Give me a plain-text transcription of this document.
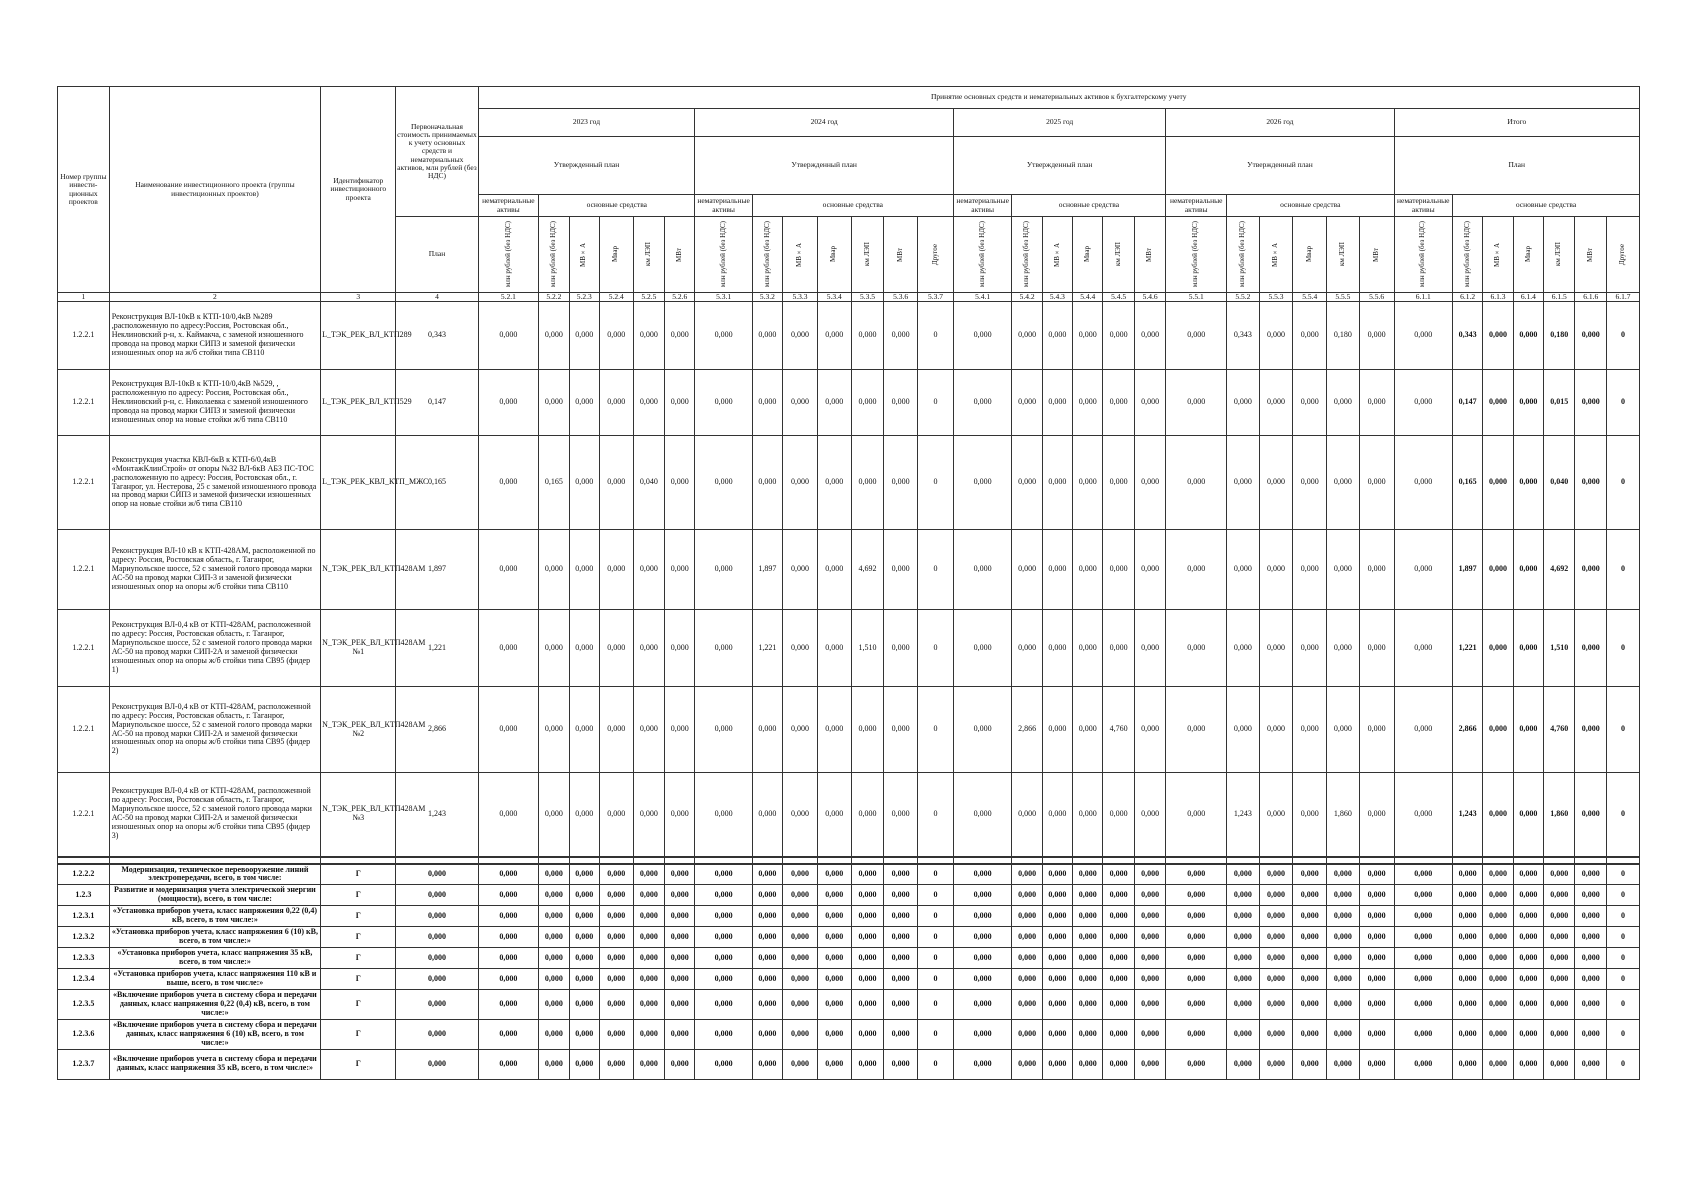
Номер группы инвести-ционных проектов	Наименование инвестиционного проекта (группы инвестиционных проектов)	Идентификатор инвестиционного проекта	Первоначальная стоимость принимаемых к учету основных средств и нематериальных активов, млн рублей (без НДС)	Принятие основных средств и нематериальных активов к бухгалтерскому учету																															
				2023 год						2024 год							2025 год						2026 год						Итого						
				Утвержденный план						Утвержденный план							Утвержденный план						Утвержденный план						План						
				нематериальные активы	основные средства					нематериальные активы	основные средства						нематериальные активы	основные средства					нематериальные активы	основные средства					нематериальные активы	основные средства					
			План	млн рублей (без НДС)	млн рублей (без НДС)	МВ×А	Мвар	км ЛЭП	МВт	млн рублей (без НДС)	млн рублей (без НДС)	МВ×А	Мвар	км ЛЭП	МВт	Другое	млн рублей (без НДС)	млн рублей (без НДС)	МВ×А	Мвар	км ЛЭП	МВт	млн рублей (без НДС)	млн рублей (без НДС)	МВ×А	Мвар	км ЛЭП	МВт	млн рублей (без НДС)	млн рублей (без НДС)	МВ×А	Мвар	км ЛЭП	МВт	Другое

1	2	3	4	5.2.1	5.2.2	5.2.3	5.2.4	5.2.5	5.2.6	5.3.1	5.3.2	5.3.3	5.3.4	5.3.5	5.3.6	5.3.7	5.4.1	5.4.2	5.4.3	5.4.4	5.4.5	5.4.6	5.5.1	5.5.2	5.5.3	5.5.4	5.5.5	5.5.6	6.1.1	6.1.2	6.1.3	6.1.4	6.1.5	6.1.6	6.1.7
1.2.2.1	Реконструкция ВЛ-10кВ к КТП-10/0,4кВ №289 ,расположенную по адресу:Россия, Ростовская обл., Неклиновский р-н, х. Каймакча, с заменой изношенного провода на провод марки СИП3 и заменой физически изношенных опор на ж/б стойки типа СВ110	L_ТЭК_РЕК_ВЛ_КТП289	0,343	0,000	0,000	0,000	0,000	0,000	0,000	0,000	0,000	0,000	0,000	0,000	0,000	0	0,000	0,000	0,000	0,000	0,000	0,000	0,000	0,343	0,000	0,000	0,180	0,000	0,000	0,343	0,000	0,000	0,180	0,000	0
1.2.2.1	Реконструкция ВЛ-10кВ к КТП-10/0,4кВ №529, , расположенную по адресу: Россия, Ростовская обл., Неклиновский р-н, с. Николаевка с заменой изношенного провода на провод марки СИП3 и заменой физически изношенных опор на новые стойки ж/б типа СВ110	L_ТЭК_РЕК_ВЛ_КТП529	0,147	0,000	0,000	0,000	0,000	0,000	0,000	0,000	0,000	0,000	0,000	0,000	0,000	0	0,000	0,000	0,000	0,000	0,000	0,000	0,000	0,000	0,000	0,000	0,000	0,000	0,000	0,147	0,000	0,000	0,015	0,000	0
1.2.2.1	Реконструкция участка КВЛ-6кВ к КТП-6/0,4кВ «МонтажКлинСтрой» от опоры №32 ВЛ-6кВ АБЗ ПС-ТОС ,расположенную по адресу: Россия, Ростовская обл., г. Таганрог, ул. Нестерова, 25 с заменой изношенного провода на провод марки СИП3 и заменой физически изношенных опор на новые стойки ж/б типа СВ110	L_ТЭК_РЕК_КВЛ_КТП_МЖС	0,165	0,000	0,165	0,000	0,000	0,040	0,000	0,000	0,000	0,000	0,000	0,000	0,000	0	0,000	0,000	0,000	0,000	0,000	0,000	0,000	0,000	0,000	0,000	0,000	0,000	0,000	0,165	0,000	0,000	0,040	0,000	0
1.2.2.1	Реконструкция ВЛ-10 кВ к КТП-428АМ, расположенной по адресу: Россия, Ростовская область, г. Таганрог, Мариупольское шоссе, 52 с заменой голого провода марки АС-50 на провод марки СИП-3 и заменой физически изношенных опор на опоры ж/б стойки типа СВ110	N_ТЭК_РЕК_ВЛ_КТП428АМ	1,897	0,000	0,000	0,000	0,000	0,000	0,000	0,000	1,897	0,000	0,000	4,692	0,000	0	0,000	0,000	0,000	0,000	0,000	0,000	0,000	0,000	0,000	0,000	0,000	0,000	0,000	1,897	0,000	0,000	4,692	0,000	0
1.2.2.1	Реконструкция ВЛ-0,4 кВ от КТП-428АМ, расположенной по адресу: Россия, Ростовская область, г. Таганрог, Мариупольское шоссе, 52 с заменой голого провода марки АС-50 на провод марки СИП-2А и заменой физически изношенных опор на опоры ж/б стойки типа СВ95 (фидер 1)	N_ТЭК_РЕК_ВЛ_КТП428АМ №1	1,221	0,000	0,000	0,000	0,000	0,000	0,000	0,000	1,221	0,000	0,000	1,510	0,000	0	0,000	0,000	0,000	0,000	0,000	0,000	0,000	0,000	0,000	0,000	0,000	0,000	0,000	1,221	0,000	0,000	1,510	0,000	0
1.2.2.1	Реконструкция ВЛ-0,4 кВ от КТП-428АМ, расположенной по адресу: Россия, Ростовская область, г. Таганрог, Мариупольское шоссе, 52 с заменой голого провода марки АС-50 на провод марки СИП-2А и заменой физически изношенных опор на опоры ж/б стойки типа СВ95 (фидер 2)	N_ТЭК_РЕК_ВЛ_КТП428АМ №2	2,866	0,000	0,000	0,000	0,000	0,000	0,000	0,000	0,000	0,000	0,000	0,000	0,000	0	0,000	2,866	0,000	0,000	4,760	0,000	0,000	0,000	0,000	0,000	0,000	0,000	0,000	2,866	0,000	0,000	4,760	0,000	0
1.2.2.1	Реконструкция ВЛ-0,4 кВ от КТП-428АМ, расположенной по адресу: Россия, Ростовская область, г. Таганрог, Мариупольское шоссе, 52 с заменой голого провода марки АС-50 на провод марки СИП-2А и заменой физически изношенных опор на опоры ж/б стойки типа СВ95 (фидер 3)	N_ТЭК_РЕК_ВЛ_КТП428АМ №3	1,243	0,000	0,000	0,000	0,000	0,000	0,000	0,000	0,000	0,000	0,000	0,000	0,000	0	0,000	0,000	0,000	0,000	0,000	0,000	0,000	1,243	0,000	0,000	1,860	0,000	0,000	1,243	0,000	0,000	1,860	0,000	0

1.2.2.2	Модернизация, техническое перевооружение линий электропередачи, всего, в том числе:	Г	0,000	0,000	0,000	0,000	0,000	0,000	0,000	0,000	0,000	0,000	0,000	0,000	0,000	0	0,000	0,000	0,000	0,000	0,000	0,000	0,000	0,000	0,000	0,000	0,000	0,000	0,000	0,000	0,000	0,000	0,000	0,000	0
1.2.3	Развитие и модернизация учета электрической энергии (мощности), всего, в том числе:	Г	0,000	0,000	0,000	0,000	0,000	0,000	0,000	0,000	0,000	0,000	0,000	0,000	0,000	0	0,000	0,000	0,000	0,000	0,000	0,000	0,000	0,000	0,000	0,000	0,000	0,000	0,000	0,000	0,000	0,000	0,000	0,000	0
1.2.3.1	«Установка приборов учета, класс напряжения 0,22 (0,4) кВ, всего, в том числе:»	Г	0,000	0,000	0,000	0,000	0,000	0,000	0,000	0,000	0,000	0,000	0,000	0,000	0,000	0	0,000	0,000	0,000	0,000	0,000	0,000	0,000	0,000	0,000	0,000	0,000	0,000	0,000	0,000	0,000	0,000	0,000	0,000	0
1.2.3.2	«Установка приборов учета, класс напряжения 6 (10) кВ, всего, в том числе:»	Г	0,000	0,000	0,000	0,000	0,000	0,000	0,000	0,000	0,000	0,000	0,000	0,000	0,000	0	0,000	0,000	0,000	0,000	0,000	0,000	0,000	0,000	0,000	0,000	0,000	0,000	0,000	0,000	0,000	0,000	0,000	0,000	0
1.2.3.3	«Установка приборов учета, класс напряжения 35 кВ, всего, в том числе:»	Г	0,000	0,000	0,000	0,000	0,000	0,000	0,000	0,000	0,000	0,000	0,000	0,000	0,000	0	0,000	0,000	0,000	0,000	0,000	0,000	0,000	0,000	0,000	0,000	0,000	0,000	0,000	0,000	0,000	0,000	0,000	0,000	0
1.2.3.4	«Установка приборов учета, класс напряжения 110 кВ и выше, всего, в том числе:»	Г	0,000	0,000	0,000	0,000	0,000	0,000	0,000	0,000	0,000	0,000	0,000	0,000	0,000	0	0,000	0,000	0,000	0,000	0,000	0,000	0,000	0,000	0,000	0,000	0,000	0,000	0,000	0,000	0,000	0,000	0,000	0,000	0
1.2.3.5	«Включение приборов учета в систему сбора и передачи данных, класс напряжения 0,22 (0,4) кВ, всего, в том числе:»	Г	0,000	0,000	0,000	0,000	0,000	0,000	0,000	0,000	0,000	0,000	0,000	0,000	0,000	0	0,000	0,000	0,000	0,000	0,000	0,000	0,000	0,000	0,000	0,000	0,000	0,000	0,000	0,000	0,000	0,000	0,000	0,000	0
1.2.3.6	«Включение приборов учета в систему сбора и передачи данных, класс напряжения 6 (10) кВ, всего, в том числе:»	Г	0,000	0,000	0,000	0,000	0,000	0,000	0,000	0,000	0,000	0,000	0,000	0,000	0,000	0	0,000	0,000	0,000	0,000	0,000	0,000	0,000	0,000	0,000	0,000	0,000	0,000	0,000	0,000	0,000	0,000	0,000	0,000	0
1.2.3.7	«Включение приборов учета в систему сбора и передачи данных, класс напряжения 35 кВ, всего, в том числе:»	Г	0,000	0,000	0,000	0,000	0,000	0,000	0,000	0,000	0,000	0,000	0,000	0,000	0,000	0	0,000	0,000	0,000	0,000	0,000	0,000	0,000	0,000	0,000	0,000	0,000	0,000	0,000	0,000	0,000	0,000	0,000	0,000	0
